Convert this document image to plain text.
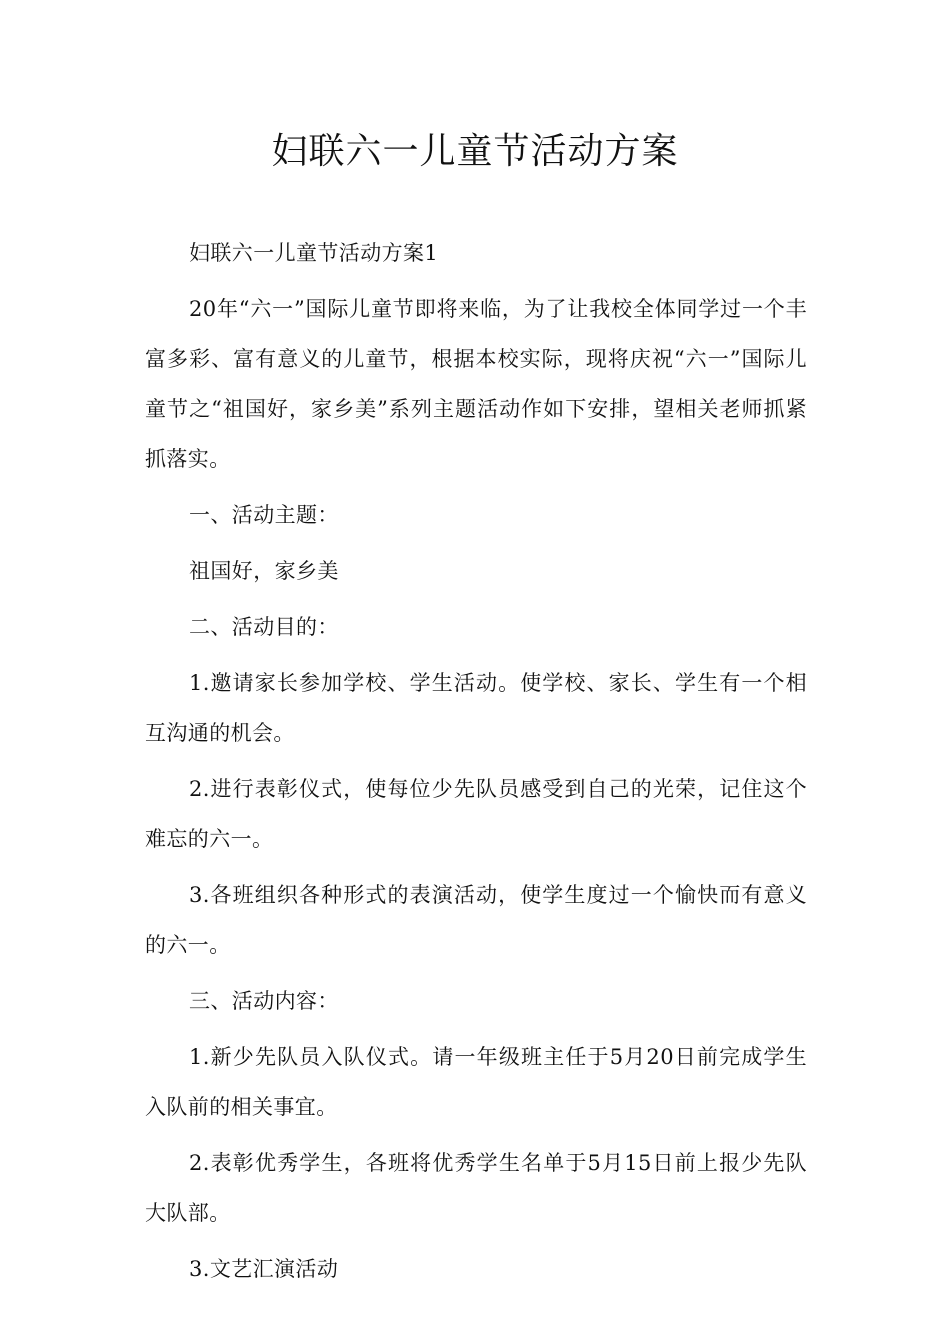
妇联六一儿童节活动方案

妇联六一儿童节活动方案1

20年“六一”国际儿童节即将来临，为了让我校全体同学过一个丰富多彩、富有意义的儿童节，根据本校实际，现将庆祝“六一”国际儿童节之“祖国好，家乡美”系列主题活动作如下安排，望相关老师抓紧抓落实。

一、活动主题：

祖国好，家乡美

二、活动目的：

1.邀请家长参加学校、学生活动。使学校、家长、学生有一个相互沟通的机会。

2.进行表彰仪式，使每位少先队员感受到自己的光荣，记住这个难忘的六一。

3.各班组织各种形式的表演活动，使学生度过一个愉快而有意义的六一。

三、活动内容：

1.新少先队员入队仪式。请一年级班主任于5月20日前完成学生入队前的相关事宜。

2.表彰优秀学生，各班将优秀学生名单于5月15日前上报少先队大队部。

3.文艺汇演活动
